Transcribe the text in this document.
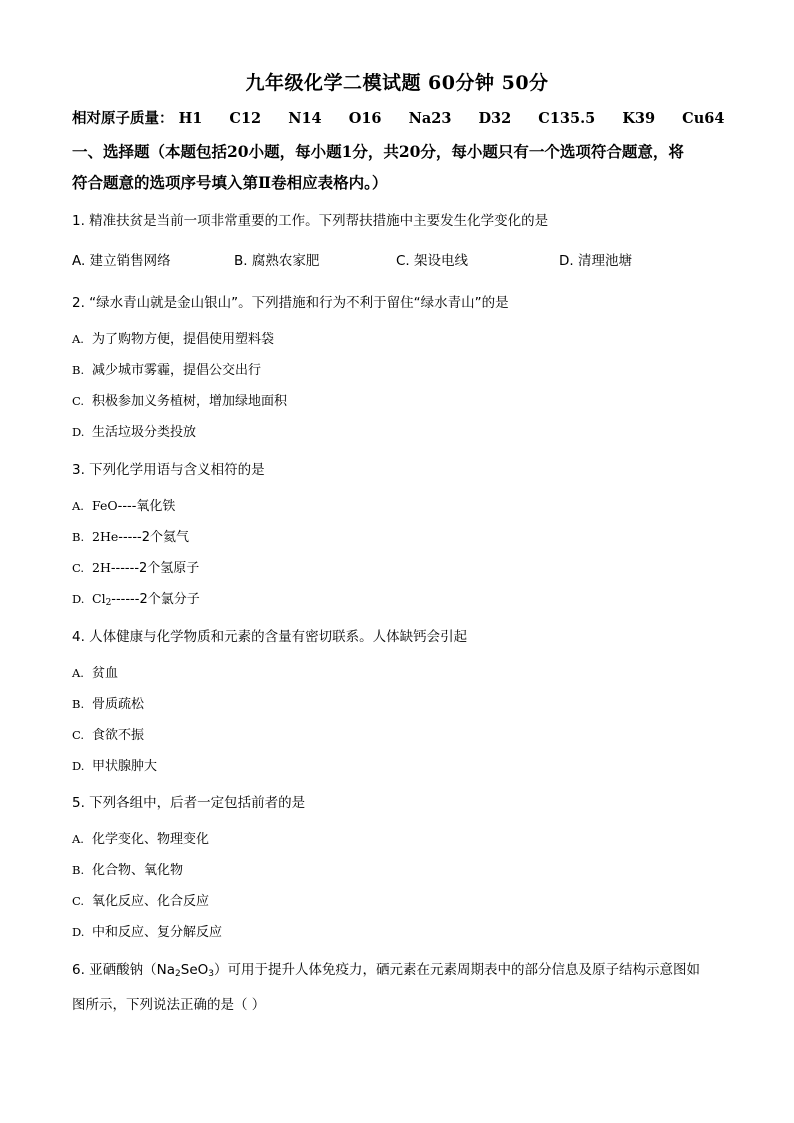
九年级化学二模试题 60分钟 50分
相对原子质量： H1 C12 N14 O16 Na23 D32 C135.5 K39 Cu64
一、选择题（本题包括20小题，每小题1分，共20分，每小题只有一个选项符合题意，将
符合题意的选项序号填入第Ⅱ卷相应表格内。）
1. 精准扶贫是当前一项非常重要的工作。下列帮扶措施中主要发生化学变化的是
A. 建立销售网络	B. 腐熟农家肥	C. 架设电线	D. 清理池塘
2. “绿水青山就是金山银山”。下列措施和行为不利于留住“绿水青山”的是
A. 为了购物方便，提倡使用塑料袋
B. 减少城市雾霾，提倡公交出行
C. 积极参加义务植树，增加绿地面积
D. 生活垃圾分类投放
3. 下列化学用语与含义相符的是
A. FeO----氧化铁
B. 2He-----2个氦气
C. 2H------2个氢原子
D. $Cl_2------2$个氯分子
4. 人体健康与化学物质和元素的含量有密切联系。人体缺钙会引起
A. 贫血
B. 骨质疏松
C. 食欲不振
D. 甲状腺肿大
5. 下列各组中，后者一定包括前者的是
A. 化学变化、物理变化
B. 化合物、氧化物
C. 氧化反应、化合反应
D. 中和反应、复分解反应
6. 亚硒酸钠$(Na_2SeO_3)$可用于提升人体免疫力，硒元素在元素周期表中的部分信息及原子结构示意图如
图所示，下列说法正确的是（ ）
